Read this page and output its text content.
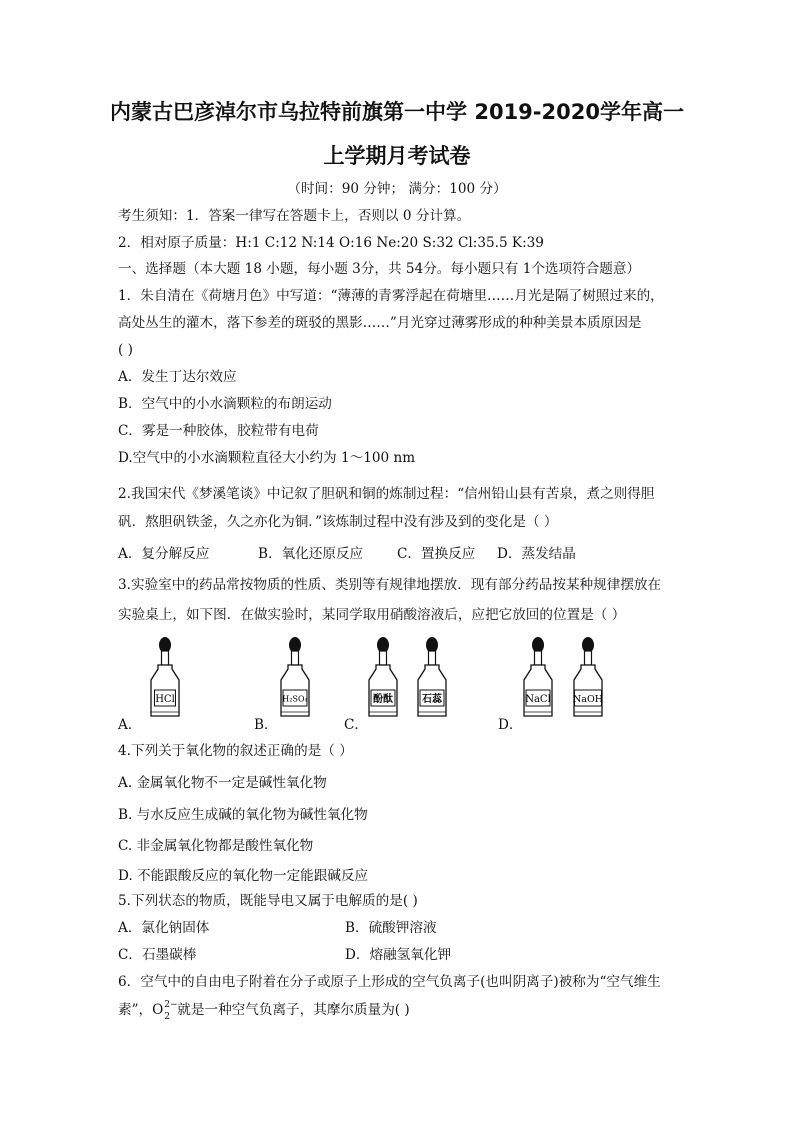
内蒙古巴彦淖尔市乌拉特前旗第一中学 2019-2020学年高一
上学期月考试卷
（时间：90 分钟； 满分：100 分）
考生须知：1．答案一律写在答题卡上，否则以 0 分计算。
2．相对原子质量：H:1 C:12 N:14 O:16 Ne:20 S:32 Cl:35.5 K:39
一、选择题（本大题 18 小题，每小题 3分，共 54分。每小题只有 1个选项符合题意）
1．朱自清在《荷塘月色》中写道：“薄薄的青雾浮起在荷塘里……月光是隔了树照过来的，
高处丛生的灌木，落下参差的斑驳的黑影……”月光穿过薄雾形成的种种美景本质原因是
( )
A．发生丁达尔效应
B．空气中的小水滴颗粒的布朗运动
C．雾是一种胶体，胶粒带有电荷
D.空气中的小水滴颗粒直径大小约为 1～100 nm
2.我国宋代《梦溪笔谈》中记叙了胆矾和铜的炼制过程：“信州铅山县有苦泉，煮之则得胆
矾．熬胆矾铁釜，久之亦化为铜．”该炼制过程中没有涉及到的变化是（ ）
A．复分解反应	B．氧化还原反应 C．置换反应 D．蒸发结晶
3.实验室中的药品常按物质的性质、类别等有规律地摆放．现有部分药品按某种规律摆放在
实验桌上，如下图．在做实验时，某同学取用硝酸溶液后，应把它放回的位置是（ ）
A．	B．	C．	D．
HCl	H₂SO₄	酚酞	石蕊	NaCl NaOH
4.下列关于氧化物的叙述正确的是（ ）
A. 金属氧化物不一定是碱性氧化物
B. 与水反应生成碱的氧化物为碱性氧化物
C. 非金属氧化物都是酸性氧化物
D. 不能跟酸反应的氧化物一定能跟碱反应
5.下列状态的物质，既能导电又属于电解质的是( )
A．氯化钠固体	B．硫酸钾溶液
C．石墨碳棒	D．熔融氢氧化钾
6．空气中的自由电子附着在分子或原子上形成的空气负离子(也叫阴离子)被称为“空气维生
素”，O 2−
2 就是一种空气负离子，其摩尔质量为( )
